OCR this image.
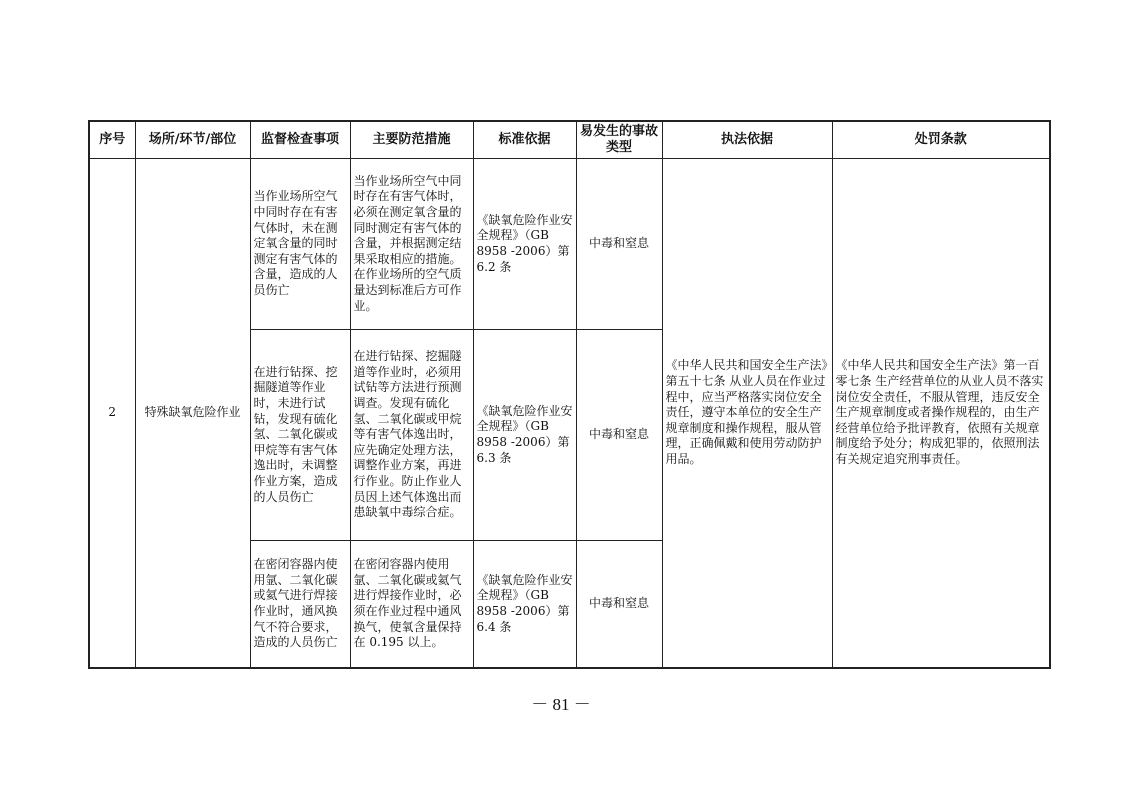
序号	场所/环节/部位	监督检查事项	主要防范措施	标准依据	易发生的事故类型	执法依据	处罚条款
2	特殊缺氧危险作业	当作业场所空气中同时存在有害气体时，未在测定氧含量的同时测定有害气体的含量，造成的人员伤亡	当作业场所空气中同时存在有害气体时，必须在测定氧含量的同时测定有害气体的含量，并根据测定结果采取相应的措施。在作业场所的空气质量达到标准后方可作业。	《缺氧危险作业安全规程》（GB 8958 -2006）第 6.2 条	中毒和窒息	《中华人民共和国安全生产法》第五十七条 从业人员在作业过程中，应当严格落实岗位安全责任，遵守本单位的安全生产规章制度和操作规程，服从管理，正确佩戴和使用劳动防护用品。	《中华人民共和国安全生产法》第一百零七条 生产经营单位的从业人员不落实岗位安全责任，不服从管理，违反安全生产规章制度或者操作规程的，由生产经营单位给予批评教育，依照有关规章制度给予处分；构成犯罪的，依照刑法有关规定追究刑事责任。
		在进行钻探、挖掘隧道等作业时，未进行试钻，发现有硫化氢、二氧化碳或甲烷等有害气体逸出时，未调整作业方案，造成的人员伤亡	在进行钻探、挖掘隧道等作业时，必须用试钻等方法进行预测调查。发现有硫化氢、二氧化碳或甲烷等有害气体逸出时，应先确定处理方法，调整作业方案，再进行作业。防止作业人员因上述气体逸出而患缺氧中毒综合症。	《缺氧危险作业安全规程》（GB 8958 -2006）第 6.3 条	中毒和窒息		
		在密闭容器内使用氩、二氧化碳或氦气进行焊接作业时，通风换气不符合要求，造成的人员伤亡	在密闭容器内使用氩、二氧化碳或氦气进行焊接作业时，必须在作业过程中通风换气，使氧含量保持在 0.195 以上。	《缺氧危险作业安全规程》（GB 8958 -2006）第 6.4 条	中毒和窒息		
－ 81 －
